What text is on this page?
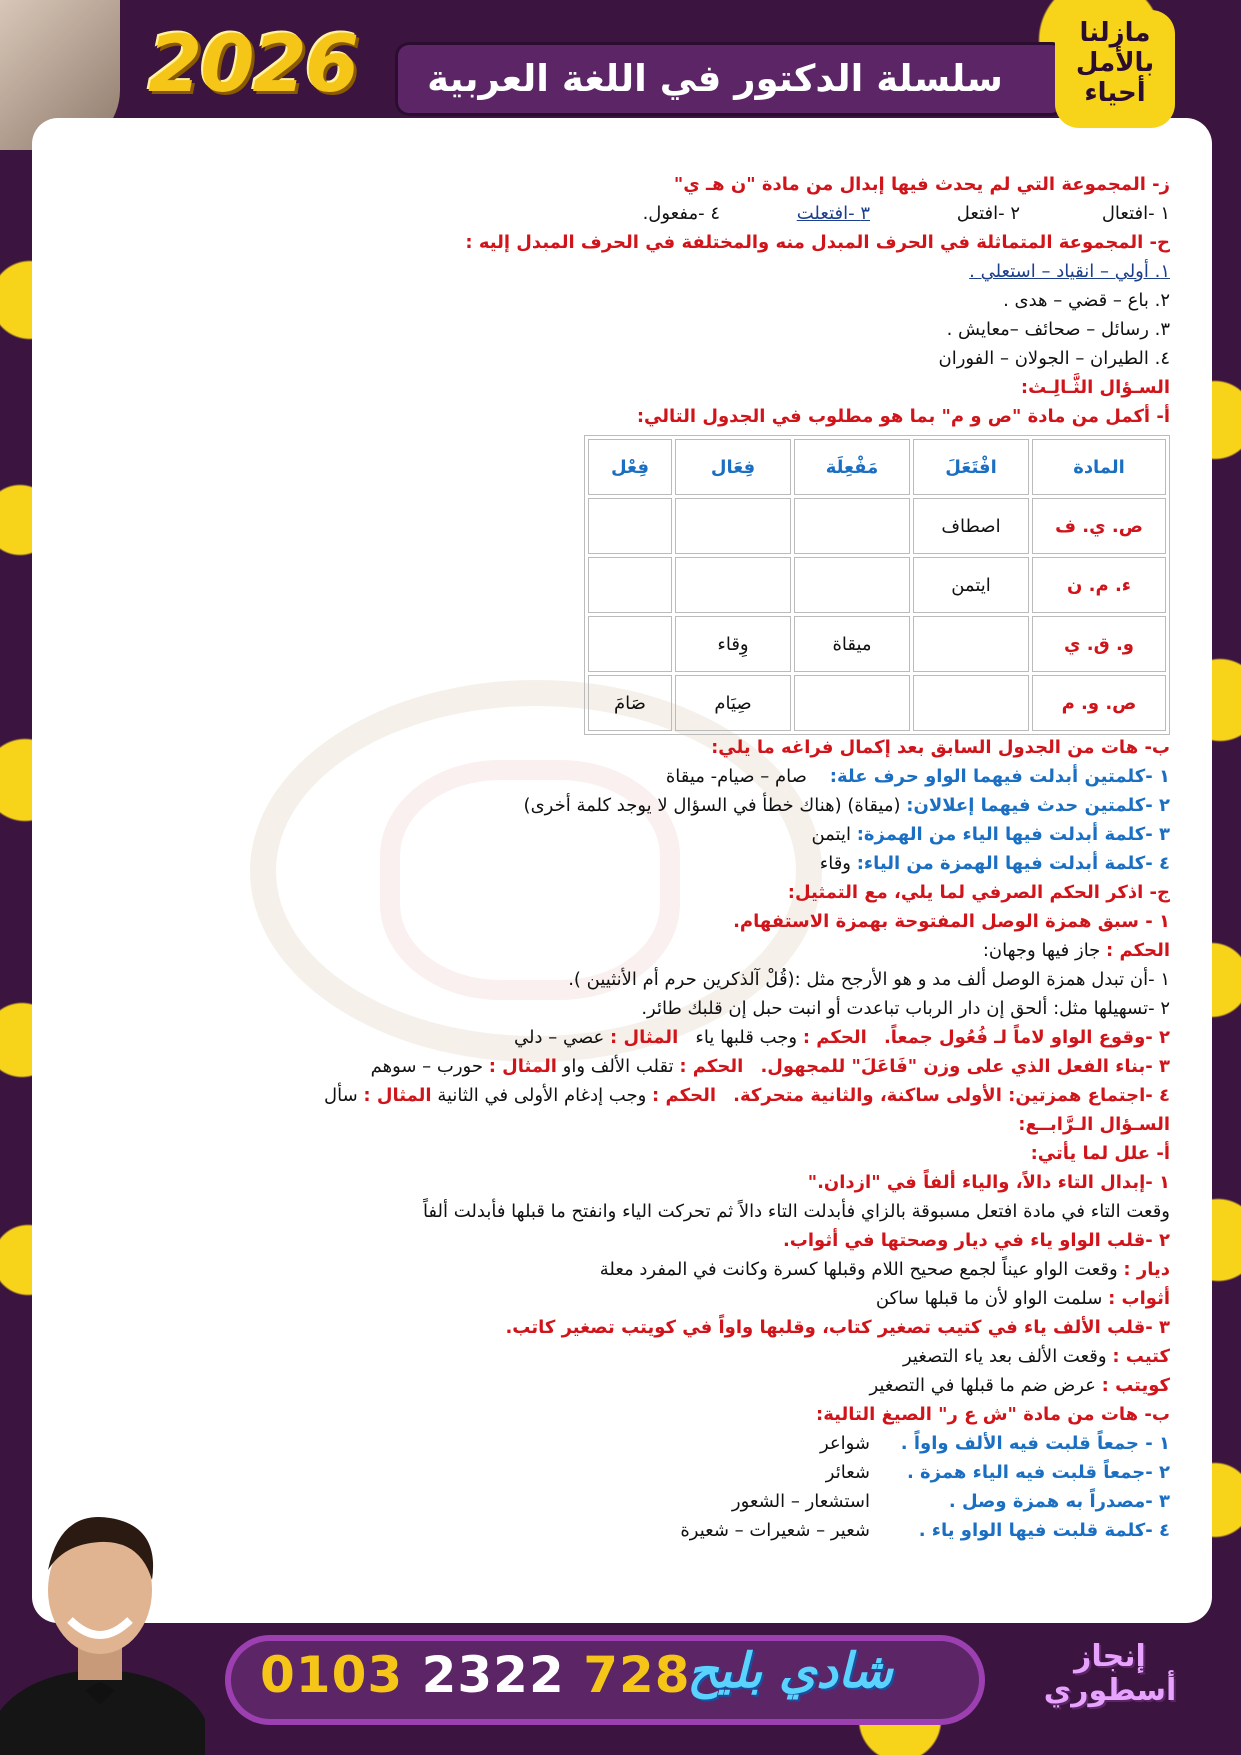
سلسلة الدكتور في اللغة العربية
2026	مازلنا بالأمل أحياء
0103 2322 728
شادي بليح	إنجاز أسطوري
ز- المجموعة التي لم يحدث فيها إبدال من مادة "ن هـ ي"
١ -افتعال٢ -افتعل٣ -افتعلت٤ -مفعول.
ح- المجموعة المتماثلة في الحرف المبدل منه والمختلفة في الحرف المبدل إليه :
١. أولي – انقياد – استعلي .
٢. باع – قضي – هدى .
٣. رسائل – صحائف –معايش .
٤. الطيران – الجولان – الفوران
السـؤال الثَّـالِـث:
أ- أكمل من مادة "ص و م" بما هو مطلوب في الجدول التالي:
المادة	افْتَعَلَ	مَفْعِلَة	فِعَال	فِعْل
ص. ي. ف	اصطاف			
ء. م. ن	ايتمن			
و. ق. ي		ميقاة	وِقاء	
ص. و. م			صِيَام	صَامَ
ب- هات من الجدول السابق بعد إكمال فراغه ما يلي:
١ -كلمتين أبدلت فيهما الواو حرف علة:    صام – صيام- ميقاة
٢ -كلمتين حدث فيهما إعلالان: (ميقاة) (هناك خطأ في السؤال لا يوجد كلمة أخرى)
٣ -كلمة أبدلت فيها الياء من الهمزة: ايتمن
٤ -كلمة أبدلت فيها الهمزة من الياء: وقاء
ج- اذكر الحكم الصرفي لما يلي، مع التمثيل:
١ - سبق همزة الوصل المفتوحة بهمزة الاستفهام.
الحكم : جاز فيها وجهان:
١ -أن تبدل همزة الوصل ألف مد و هو الأرجح مثل :(قُلْ آلذكرين حرم أم الأنثيين ).
٢ -تسهيلها مثل: ألحق إن دار الرباب تباعدت أو انبت حبل إن قلبك طائر.
٢ -وقوع الواو لاماً لـ فُعُول جمعاً.   الحكم : وجب قلبها ياء   المثال : عصي – دلي
٣ -بناء الفعل الذي على وزن "فَاعَلَ" للمجهول.   الحكم : تقلب الألف واو المثال : حورب – سوهم
٤ -اجتماع همزتين: الأولى ساكنة، والثانية متحركة.   الحكم : وجب إدغام الأولى في الثانية المثال : سأّل
السـؤال الـرَّابــع:
أ- علل لما يأتي:
١ -إبدال التاء دالاً، والياء ألفاً في "ازدان."
وقعت التاء في مادة افتعل مسبوقة بالزاي فأبدلت التاء دالاً ثم تحركت الياء وانفتح ما قبلها فأبدلت ألفاً
٢ -قلب الواو ياء في ديار وصحتها في أثواب.
ديار : وقعت الواو عيناً لجمع صحيح اللام وقبلها كسرة وكانت في المفرد معلة
أثواب : سلمت الواو لأن ما قبلها ساكن
٣ -قلب الألف ياء في كتيب تصغير كتاب، وقلبها واواً في كويتب تصغير كاتب.
كتيب : وقعت الألف بعد ياء التصغير
كويتب : عرض ضم ما قبلها في التصغير
ب- هات من مادة "ش ع ر" الصيغ التالية:
١ - جمعاً قلبت فيه الألف واواً .شواعر
٢ -جمعاً قلبت فيه الياء همزة .شعائر
٣ -مصدراً به همزة وصل .استشعار – الشعور
٤ -كلمة قلبت فيها الواو ياء .شعير – شعيرات – شعيرة
